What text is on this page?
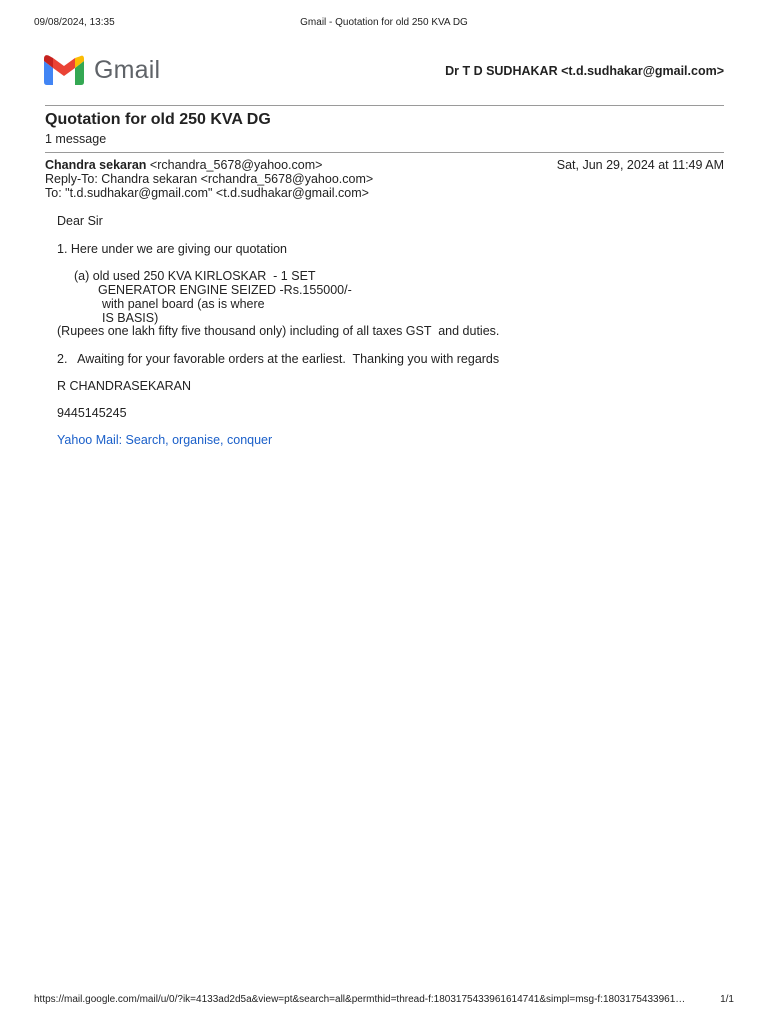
09/08/2024, 13:35	Gmail - Quotation for old 250 KVA DG
Gmail	Dr T D SUDHAKAR <t.d.sudhakar@gmail.com>
Quotation for old 250 KVA DG
1 message
Chandra sekaran <rchandra_5678@yahoo.com>	Sat, Jun 29, 2024 at 11:49 AM
Reply-To: Chandra sekaran <rchandra_5678@yahoo.com>
To: "t.d.sudhakar@gmail.com" <t.d.sudhakar@gmail.com>
Dear Sir
1. Here under we are giving our quotation
(a) old used 250 KVA KIRLOSKAR  - 1 SET
GENERATOR ENGINE SEIZED -Rs.155000/-
with panel board (as is where
IS BASIS)
(Rupees one lakh fifty five thousand only) including of all taxes GST  and duties.
2.   Awaiting for your favorable orders at the earliest.  Thanking you with regards
R CHANDRASEKARAN
9445145245
Yahoo Mail: Search, organise, conquer
https://mail.google.com/mail/u/0/?ik=4133ad2d5a&view=pt&search=all&permthid=thread-f:1803175433961614741&simpl=msg-f:1803175433961…	1/1
